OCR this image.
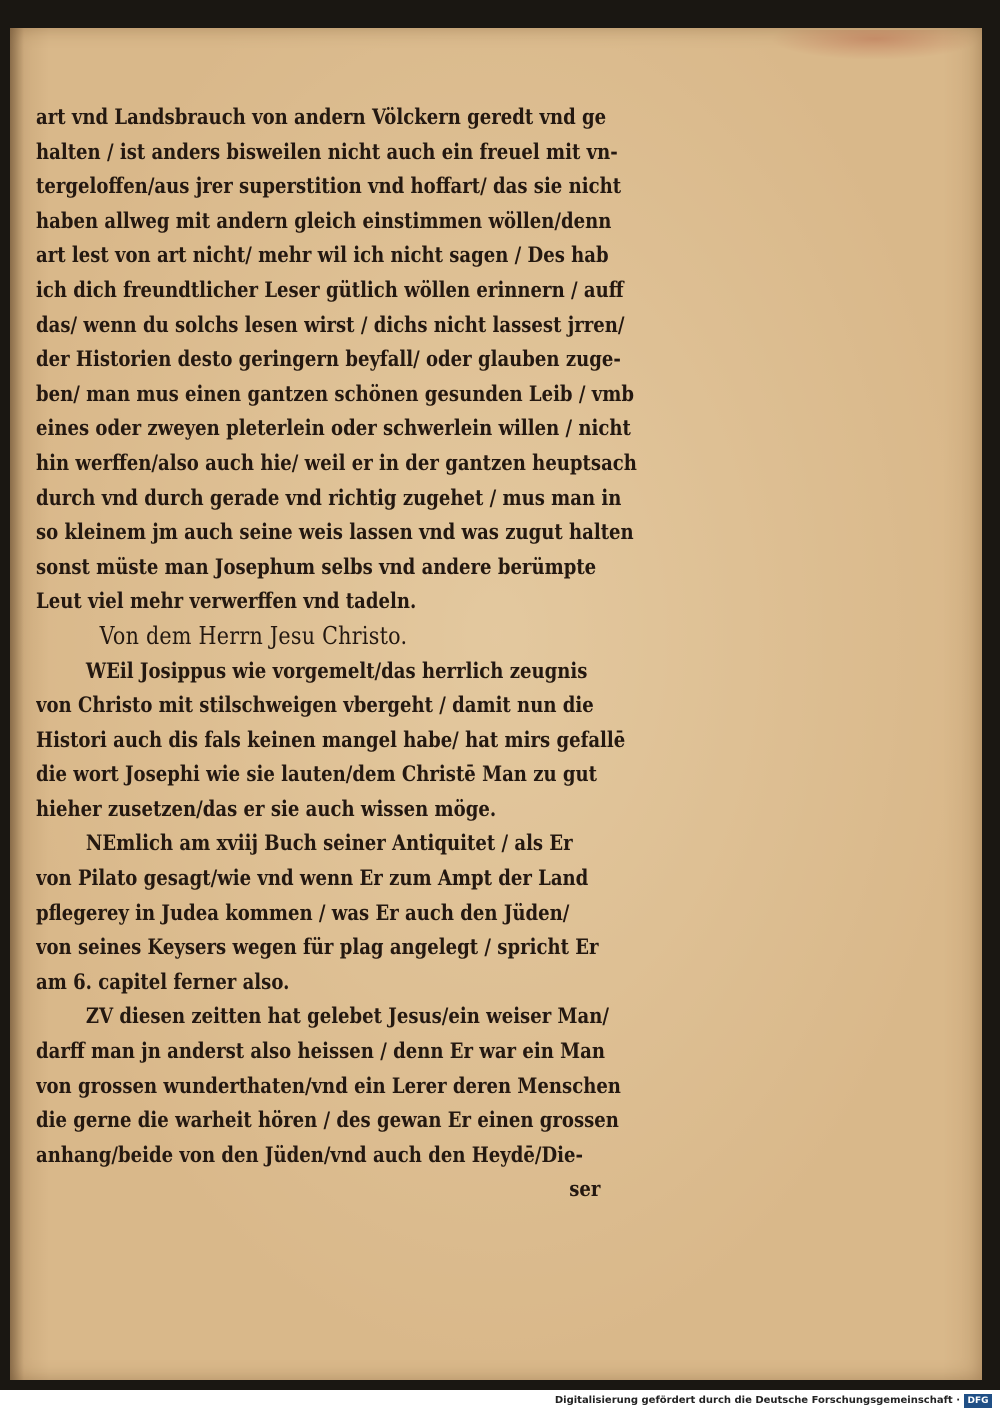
art vnd Landsbrauch von andern Völckern geredt vnd ge
halten / ist anders bisweilen nicht auch ein freuel mit vn-
tergeloffen/aus jrer superstition vnd hoffart/ das sie nicht
haben allweg mit andern gleich einstimmen wöllen/denn
art lest von art nicht/ mehr wil ich nicht sagen / Des hab
ich dich freundtlicher Leser gütlich wöllen erinnern / auff
das/ wenn du solchs lesen wirst / dichs nicht lassest jrren/
der Historien desto geringern beyfall/ oder glauben zuge-
ben/ man mus einen gantzen schönen gesunden Leib / vmb
eines oder zweyen pleterlein oder schwerlein willen / nicht
hin werffen/also auch hie/ weil er in der gantzen heuptsach
durch vnd durch gerade vnd richtig zugehet / mus man in
so kleinem jm auch seine weis lassen vnd was zugut halten
sonst müste man Josephum selbs vnd andere berümpte
Leut viel mehr verwerffen vnd tadeln.
Von dem Herrn Jesu Christo.
WEil Josippus wie vorgemelt/das herrlich zeugnis
von Christo mit stilschweigen vbergeht / damit nun die
Histori auch dis fals keinen mangel habe/ hat mirs gefallē
die wort Josephi wie sie lauten/dem Christē Man zu gut
hieher zusetzen/das er sie auch wissen möge.
NEmlich am xviij Buch seiner Antiquitet / als Er
von Pilato gesagt/wie vnd wenn Er zum Ampt der Land
pflegerey in Judea kommen / was Er auch den Jüden/
von seines Keysers wegen für plag angelegt / spricht Er
am 6. capitel ferner also.
ZV diesen zeitten hat gelebet Jesus/ein weiser Man/
darff man jn anderst also heissen / denn Er war ein Man
von grossen wunderthaten/vnd ein Lerer deren Menschen
die gerne die warheit hören / des gewan Er einen grossen
anhang/beide von den Jüden/vnd auch den Heydē/Die-
ser
Digitalisierung gefördert durch die Deutsche Forschungsgemeinschaft · DFG
